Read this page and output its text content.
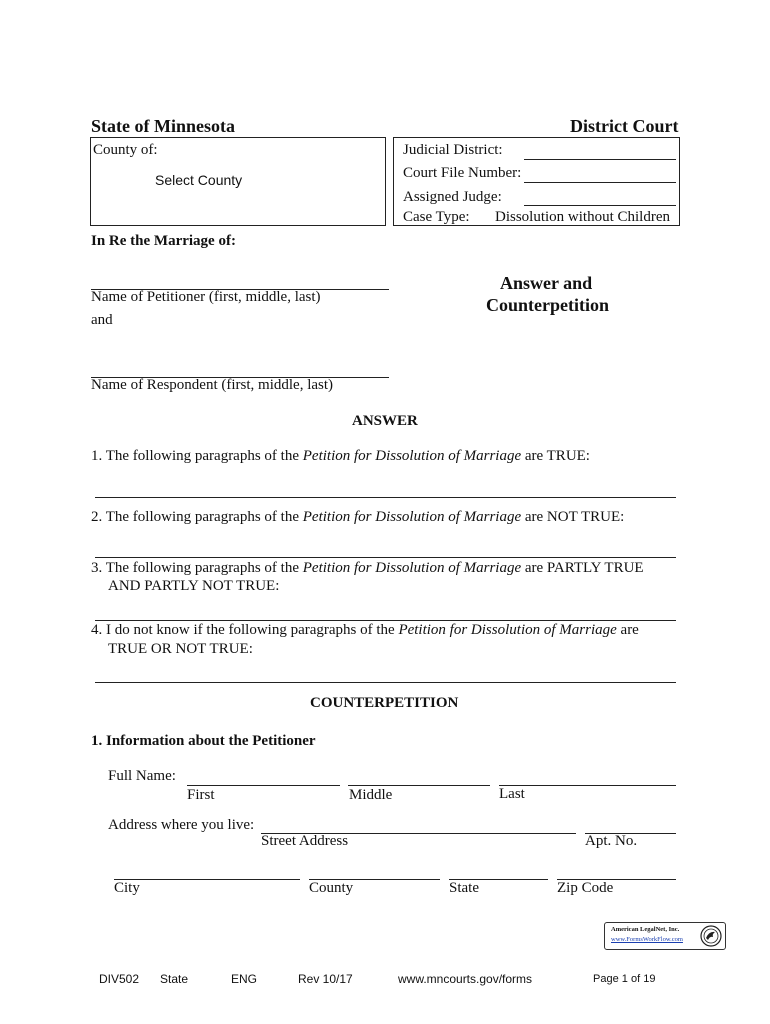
State of Minnesota	District Court
County of:
Select County
Judicial District:
Court File Number:
Assigned Judge:
Case Type: Dissolution without Children
In Re the Marriage of:
Name of Petitioner (first, middle, last)
and
Name of Respondent (first, middle, last)
Answer and
Counterpetition
ANSWER
1. The following paragraphs of the Petition for Dissolution of Marriage are TRUE:
2. The following paragraphs of the Petition for Dissolution of Marriage are NOT TRUE:
3. The following paragraphs of the Petition for Dissolution of Marriage are PARTLY TRUE
AND PARTLY NOT TRUE:
4. I do not know if the following paragraphs of the Petition for Dissolution of Marriage are
TRUE OR NOT TRUE:
COUNTERPETITION
1. Information about the Petitioner
Full Name:
First	Middle	Last
Address where you live:
Street Address	Apt. No.
City	County	State	Zip Code
American LegalNet, Inc.
www.FormsWorkFlow.com
DIV502 State	ENG	Rev 10/17	www.mncourts.gov/forms	Page 1 of 19
